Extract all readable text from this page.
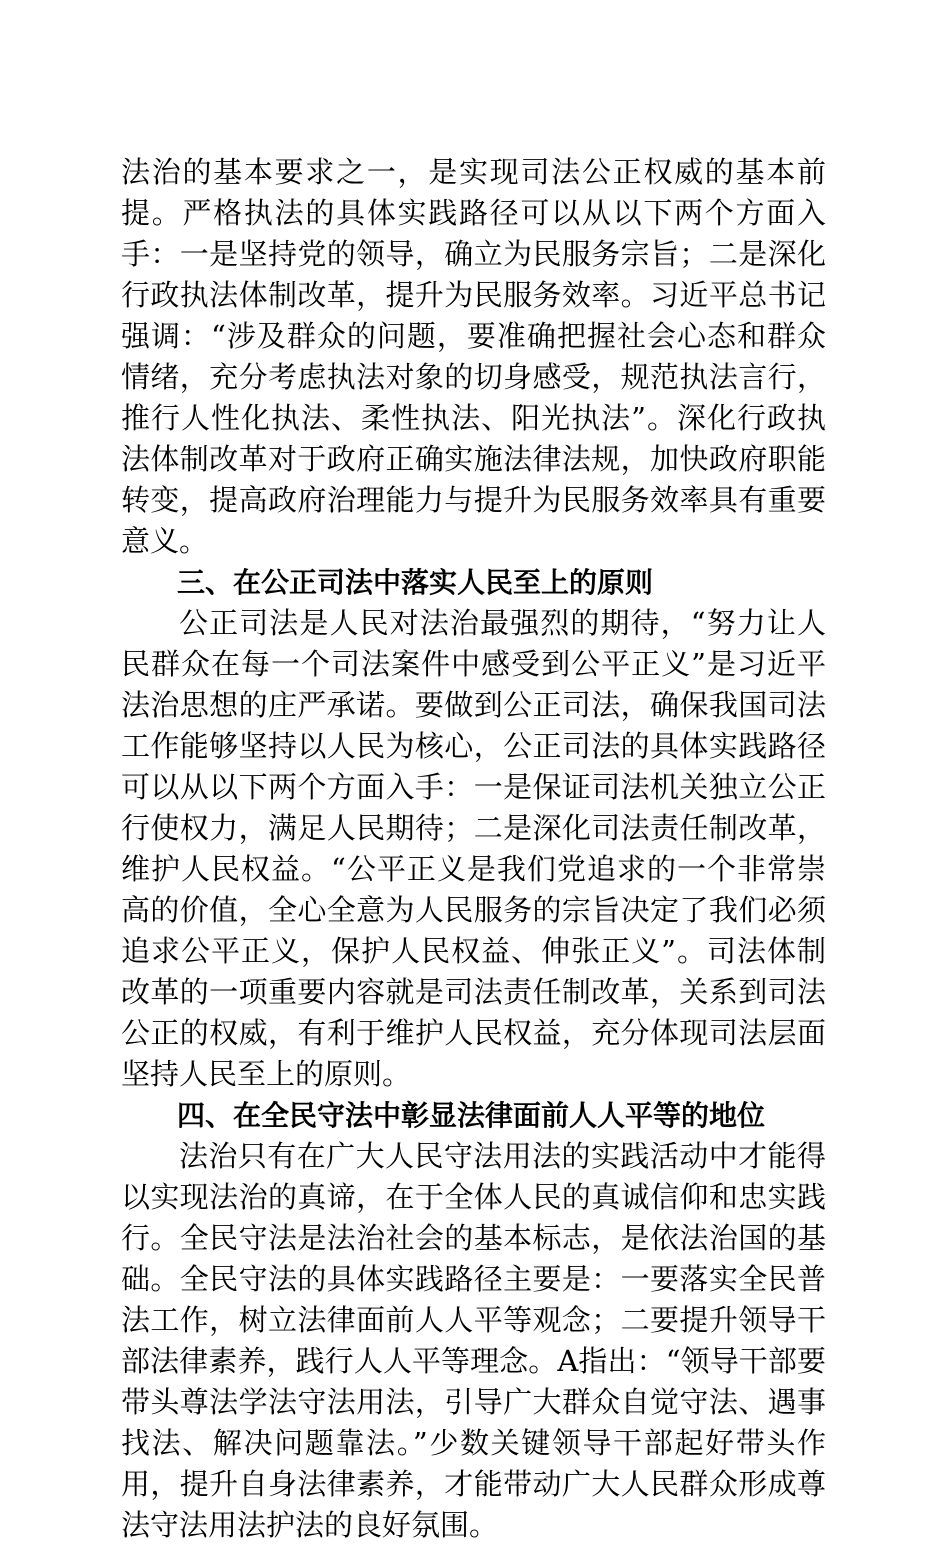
法治的基本要求之一，是实现司法公正权威的基本前提。严格执法的具体实践路径可以从以下两个方面入手：一是坚持党的领导，确立为民服务宗旨；二是深化行政执法体制改革，提升为民服务效率。习近平总书记强调：“涉及群众的问题，要准确把握社会心态和群众情绪，充分考虑执法对象的切身感受，规范执法言行，推行人性化执法、柔性执法、阳光执法”。深化行政执法体制改革对于政府正确实施法律法规，加快政府职能转变，提高政府治理能力与提升为民服务效率具有重要意义。

三、在公正司法中落实人民至上的原则

公正司法是人民对法治最强烈的期待，“努力让人民群众在每一个司法案件中感受到公平正义”是习近平法治思想的庄严承诺。要做到公正司法，确保我国司法工作能够坚持以人民为核心，公正司法的具体实践路径可以从以下两个方面入手：一是保证司法机关独立公正行使权力，满足人民期待；二是深化司法责任制改革，维护人民权益。“公平正义是我们党追求的一个非常崇高的价值，全心全意为人民服务的宗旨决定了我们必须追求公平正义，保护人民权益、伸张正义”。司法体制改革的一项重要内容就是司法责任制改革，关系到司法公正的权威，有利于维护人民权益，充分体现司法层面坚持人民至上的原则。

四、在全民守法中彰显法律面前人人平等的地位

法治只有在广大人民守法用法的实践活动中才能得以实现法治的真谛，在于全体人民的真诚信仰和忠实践行。全民守法是法治社会的基本标志，是依法治国的基础。全民守法的具体实践路径主要是：一要落实全民普法工作，树立法律面前人人平等观念；二要提升领导干部法律素养，践行人人平等理念。A指出：“领导干部要带头尊法学法守法用法，引导广大群众自觉守法、遇事找法、解决问题靠法。”少数关键领导干部起好带头作用，提升自身法律素养，才能带动广大人民群众形成尊法守法用法护法的良好氛围。
